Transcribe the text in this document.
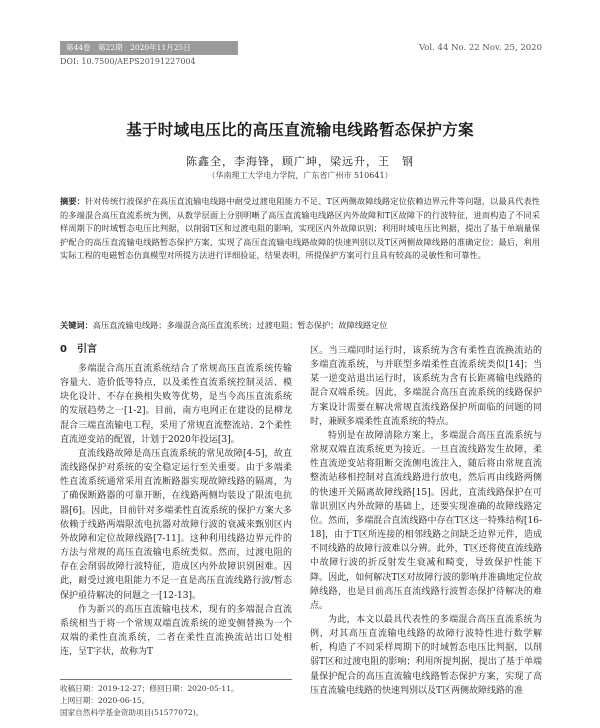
第44卷　第22期　2020年11月25日	Vol. 44 No. 22 Nov. 25, 2020
DOI: 10.7500/AEPS20191227004
基于时域电压比的高压直流输电线路暂态保护方案
陈鑫全，李海锋，顾广坤，梁远升，王　钢
（华南理工大学电力学院，广东省广州市 510641）
摘要：针对传统行波保护在高压直流输电线路中耐受过渡电阻能力不足、T区两侧故障线路定位依赖边界元件等问题，以最具代表性的多端混合高压直流系统为例，从数学层面上分别明晰了高压直流输电线路区内外故障和T区故障下的行波特征，进而构造了不同采样周期下的时域暂态电压比判据，以削弱T区和过渡电阻的影响，实现区内外故障识别；利用时域电压比判据，提出了基于单端量保护配合的高压直流输电线路暂态保护方案，实现了高压直流输电线路故障的快速判别以及T区两侧故障线路的准确定位；最后，利用实际工程的电磁暂态仿真模型对所提方法进行详细验证，结果表明，所提保护方案可行且具有较高的灵敏性和可靠性。
关键词：高压直流输电线路；多端混合高压直流系统；过渡电阻；暂态保护；故障线路定位
0 引言

多端混合高压直流系统结合了常规高压直流系统传输容量大、造价低等特点，以及柔性直流系统控制灵活、模块化设计、不存在换相失败等优势，是当今高压直流系统的发展趋势之一[1-2]。目前，南方电网正在建设的昆柳龙混合三端直流输电工程，采用了常规直流整流站、2个柔性直流逆变站的配置，计划于2020年投运[3]。

直流线路故障是高压直流系统的常见故障[4-5]，故直流线路保护对系统的安全稳定运行至关重要。由于多端柔性直流系统通常采用直流断路器实现故障线路的隔离，为了确保断路器的可靠开断，在线路两侧均装设了限流电抗器[6]。因此，目前针对多端柔性直流系统的保护方案大多依赖于线路两端限流电抗器对故障行波的衰减来甄别区内外故障和定位故障线路[7-11]。这种利用线路边界元件的方法与常规的高压直流输电系统类似。然而，过渡电阻的存在会削弱故障行波特征，造成区内外故障识别困难。因此，耐受过渡电阻能力不足一直是高压直流线路行波/暂态保护亟待解决的问题之一[12-13]。

作为新兴的高压直流输电技术，现有的多端混合直流系统相当于将一个常规双端直流系统的逆变侧替换为一个双端的柔性直流系统，二者在柔性直流换流站出口处相连，呈T字状，故称为T

区。当三端同时运行时，该系统为含有柔性直流换流站的多端直流系统，与并联型多端柔性直流系统类似[14]；当某一逆变站退出运行时，该系统为含有长距离输电线路的混合双端系统。因此，多端混合高压直流系统的线路保护方案设计需要在解决常规直流线路保护所面临的问题的同时，兼顾多端柔性直流系统的特点。

特别是在故障清除方案上，多端混合高压直流系统与常规双端直流系统更为接近。一旦直流线路发生故障，柔性直流逆变站将阻断交流侧电流注入，随后将由常规直流整流站移相控制对直流线路进行放电，然后再由线路两侧的快速开关隔离故障线路[15]。因此，直流线路保护在可靠识别区内外故障的基础上，还要实现准确的故障线路定位。然而，多端混合直流线路中存在T区这一特殊结构[16-18]，由于T区所连接的相邻线路之间缺乏边界元件，造成不同线路的故障行波难以分辨。此外，T区还将使直流线路中故障行波的折反射发生衰减和畸变，导致保护性能下降。因此，如何解决T区对故障行波的影响并准确地定位故障线路，也是目前高压直流线路行波暂态保护待解决的难点。

为此，本文以最具代表性的多端混合高压直流系统为例，对其高压直流输电线路的故障行波特性进行数学解析，构造了不同采样周期下的时域暂态电压比判据，以削弱T区和过渡电阻的影响；利用所提判据，提出了基于单端量保护配合的高压直流输电线路暂态保护方案，实现了高压直流输电线路的快速判别以及T区两侧故障线路的准

收稿日期：2019-12-27；修回日期：2020-05-11。
上网日期：2020-06-15。
国家自然科学基金资助项目(51577072)。
